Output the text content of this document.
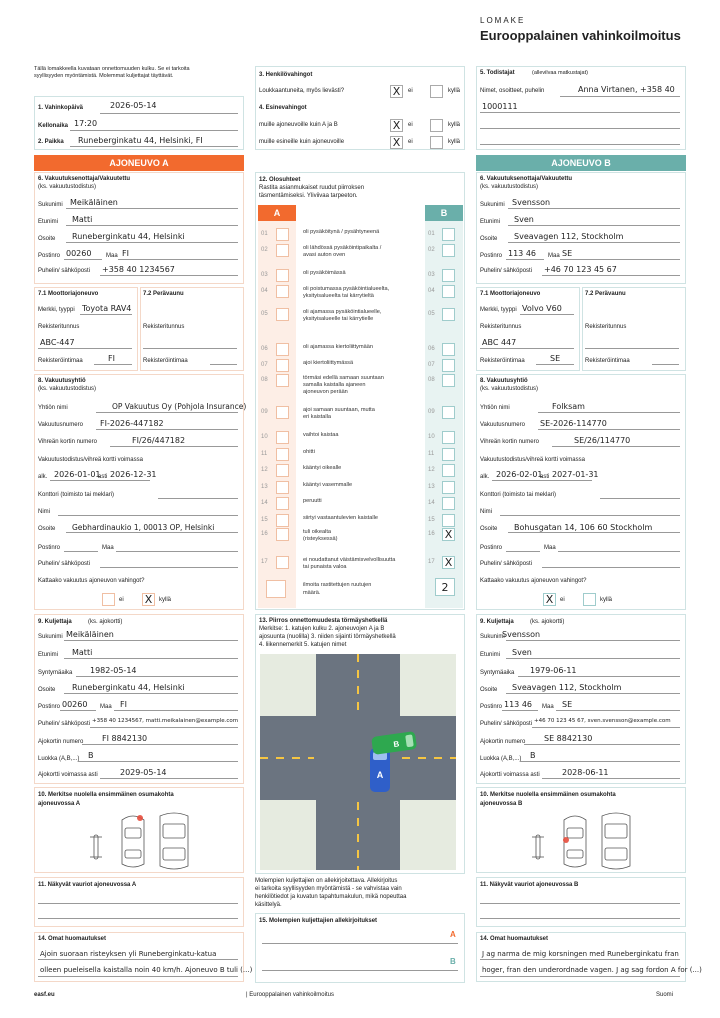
LOMAKE
Eurooppalainen vahinkoilmoitus
Tällä lomakkeella kuvataan onnettomuuden kulku. Se ei tarkoita syyllisyyden myöntämistä. Molemmat kuljettajat täyttävät.
1. Vahinkopäivä	2026-05-14
Kellonaika 17:20
2. Paikka Runeberginkatu 44, Helsinki, FI
3. Henkilövahingot
Loukkaantuneita, myös lievästi?	X	ei	kyllä
4. Esinevahingot
muille ajoneuvoille kuin A ja B	X	ei	kyllä
muille esineille kuin ajoneuvoille	X	ei	kyllä
5. Todistajat	(allevilvaa matkustajat)
Nimet, osoitteet, puhelin	Anna Virtanen, +358 40
1000111
AJONEUVO A	AJONEUVO B
6. Vakuutuksenottaja/Vakuutettu
(ks. vakuutustodistus)
Sukunimi Meikäläinen
Etunimi Matti
Osoite Runeberginkatu 44, Helsinki
Postinro 00260 Maa FI
Puhelin/ sähköposti +358 40 1234567
7.1 Moottoriajoneuvo	7.2 Perävaunu
Merkki, tyyppi Toyota RAV4
Rekisteritunnus	Rekisteritunnus
ABC-447
Rekisteröintimaa	FI	Rekisteröintimaa
8. Vakuutusyhtiö
(ks. vakuutustodistus)
Yhtiön nimi	OP Vakuutus Oy (Pohjola Insurance)
Vakuutusnumero FI-2026-447182
Vihreän kortin numero	FI/26/447182
Vakuutustodistus/vihreä kortti voimassa
alk. 2026-01-01
asti 2026-12-31
Konttori (toimisto tai meklari)
Nimi
Osoite Gebhardinaukio 1, 00013 OP, Helsinki
Postinro	Maa
Puhelin/ sähköposti
Kattaako vakuutus ajoneuvon vahingot?
ei X	kyllä
9. Kuljettaja	(ks. ajokortti)
Sukunimi Meikäläinen
Etunimi Matti
Syntymäaika 1982-05-14
Osoite Runeberginkatu 44, Helsinki
Postinro 00260 Maa FI
Puhelin/ sähköposti +358 40 1234567, matti.meikalainen@example.com
Ajokortin numero FI 8842130
Luokka (A,B,...) B
Ajokortti voimassa asti	2029-05-14
10. Merkitse nuolella ensimmäinen osumakohta
ajoneuvossa A
11. Näkyvät vauriot ajoneuvossa A
14. Omat huomautukset
Ajoin suoraan risteyksen yli Runeberginkatu-katua
olleen pueleisella kaistalla noin 40 km/h. Ajoneuvo B tuli (...)
12. Olosuhteet
Rastita asianmukaiset ruudut piirroksen
täsmentämiseksi. Yliviivaa tarpeeton.
A	B
01	oli pysäköitynä / pysähtyneenä	01
02	oli lähdössä pysäköintipaikalta /
avasi auton oven
02
03	oli pysäköimässä	03
04	oli poistumassa pysäköintialueelta,
yksityisalueelta tai kärrytieltä
04
05	oli ajamassa pysäköintialueelle,
yksityisalueelle tai kärrytielle
05
06	oli ajamassa kiertoliittymään	06
07	ajoi kiertoliittymässä	07
08	törmäsi edellä samaan suuntaan
samalla kaistalla ajaneen
ajoneuvon perään
08
09	ajoi samaan suuntaan, mutta
eri kaistalla
09
10	vaihtoi kaistaa	10
11	ohitti	11
12	kääntyi oikealle	12
13	kääntyi vasemmalle	13
14	peruutti	14
15	siirtyi vastaantulevien kaistalle	15
16	tuli oikealta
(risteyksessä)
16 X
17	ei noudattanut väistämisvelvollisuutta
tai punaista valoa
17 X
ilmoita rastitettujen ruutujen
määrä.	2
13. Piirros onnettomuudesta törmäyshetkellä
Merkitse: 1. katujen kulku 2. ajoneuvojen A ja B
ajosuunta (nuolilla) 3. niiden sijainti törmäyshetkellä
4. liikennemerkit 5. katujen nimet
A
B
Molempien kuljettajien on allekirjoitettava. Allekirjoitus
ei tarkoita syyllisyyden myöntämistä - se vahvistaa vain
henkilötiedot ja kuvatun tapahtumakulun, mikä nopeuttaa
käsittelyä.
15. Molempien kuljettajien allekirjoitukset
A
B
6. Vakuutuksenottaja/Vakuutettu
(ks. vakuutustodistus)
Sukunimi Svensson
Etunimi Sven
Osoite Sveavagen 112, Stockholm
Postinro 113 46 Maa SE
Puhelin/ sähköposti +46 70 123 45 67
7.1 Moottoriajoneuvo	7.2 Perävaunu
Merkki, tyyppi Volvo V60
Rekisteritunnus	Rekisteritunnus
ABC 447
Rekisteröintimaa	SE	Rekisteröintimaa
8. Vakuutusyhtiö
(ks. vakuutustodistus)
Yhtiön nimi	Folksam
Vakuutusnumero SE-2026-114770
Vihreän kortin numero	SE/26/114770
Vakuutustodistus/vihreä kortti voimassa
alk. 2026-02-01
asti 2027-01-31
Konttori (toimisto tai meklari)
Nimi
Osoite Bohusgatan 14, 106 60 Stockholm
Postinro	Maa
Puhelin/ sähköposti
Kattaako vakuutus ajoneuvon vahingot?
X	ei	kyllä
9. Kuljettaja	(ks. ajokortti)
Sukunimi
Svensson
Etunimi Sven
Syntymäaika 1979-06-11
Osoite Sveavagen 112, Stockholm
Postinro 113 46 Maa SE
Puhelin/ sähköposti +46 70 123 45 67, sven.svensson@example.com
Ajokortin numero SE 8842130
Luokka (A,B,...) B
Ajokortti voimassa asti	2028-06-11
10. Merkitse nuolella ensimmäinen osumakohta
ajoneuvossa B
11. Näkyvät vauriot ajoneuvossa B
14. Omat huomautukset
J ag narma de mig korsningen med Runeberginkatu fran
hoger, fran den underordnade vagen. J ag sag fordon A for (...)
easf.eu	| Eurooppalainen vahinkoilmoitus	Suomi
